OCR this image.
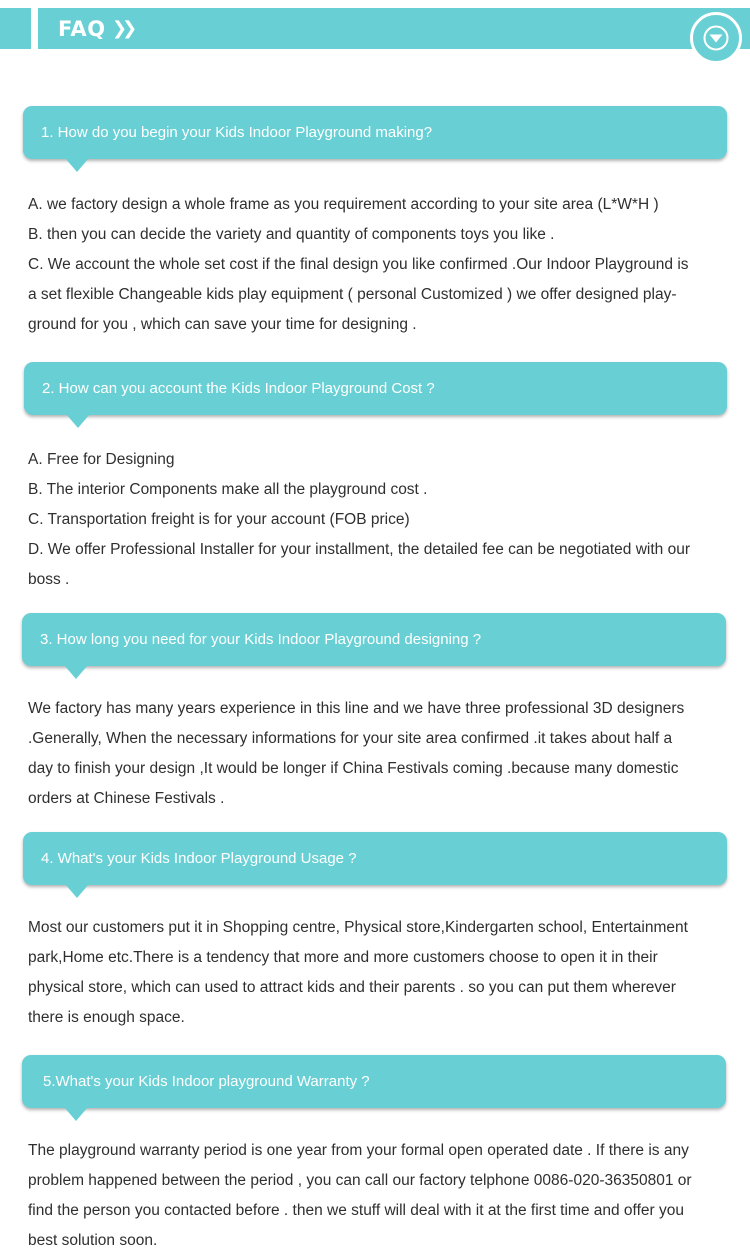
FAQ ❯❯
1. How do you begin your Kids Indoor Playground making?
A. we factory design a whole frame as you requirement according to your site area (L*W*H )
B. then you can decide the variety and quantity of components toys you like .
C. We account the whole set cost if the final design you like confirmed .Our Indoor Playground is
a set flexible Changeable kids play equipment ( personal Customized ) we offer designed play-
ground for you , which can save your time for designing .
2. How can you account the Kids Indoor Playground Cost ?
A. Free for Designing
B. The interior Components make all the playground cost .
C. Transportation freight is for your account (FOB price)
D. We offer Professional Installer for your installment, the detailed fee can be negotiated with our
boss .
3. How long you need for your Kids Indoor Playground designing ?
We factory has many years experience in this line and we have three professional 3D designers
.Generally, When the necessary informations for your site area confirmed .it takes about half a
day to finish your design ,It would be longer if China Festivals coming .because many domestic
orders at Chinese Festivals .
4. What's your Kids Indoor Playground Usage ?
Most our customers put it in Shopping centre, Physical store,Kindergarten school, Entertainment
park,Home etc.There is a tendency that more and more customers choose to open it in their
physical store, which can used to attract kids and their parents . so you can put them wherever
there is enough space.
5.What's your Kids Indoor playground Warranty ?
The playground warranty period is one year from your formal open operated date . If there is any
problem happened between the period , you can call our factory telphone 0086-020-36350801 or
find the person you contacted before . then we stuff will deal with it at the first time and offer you
best solution soon.
